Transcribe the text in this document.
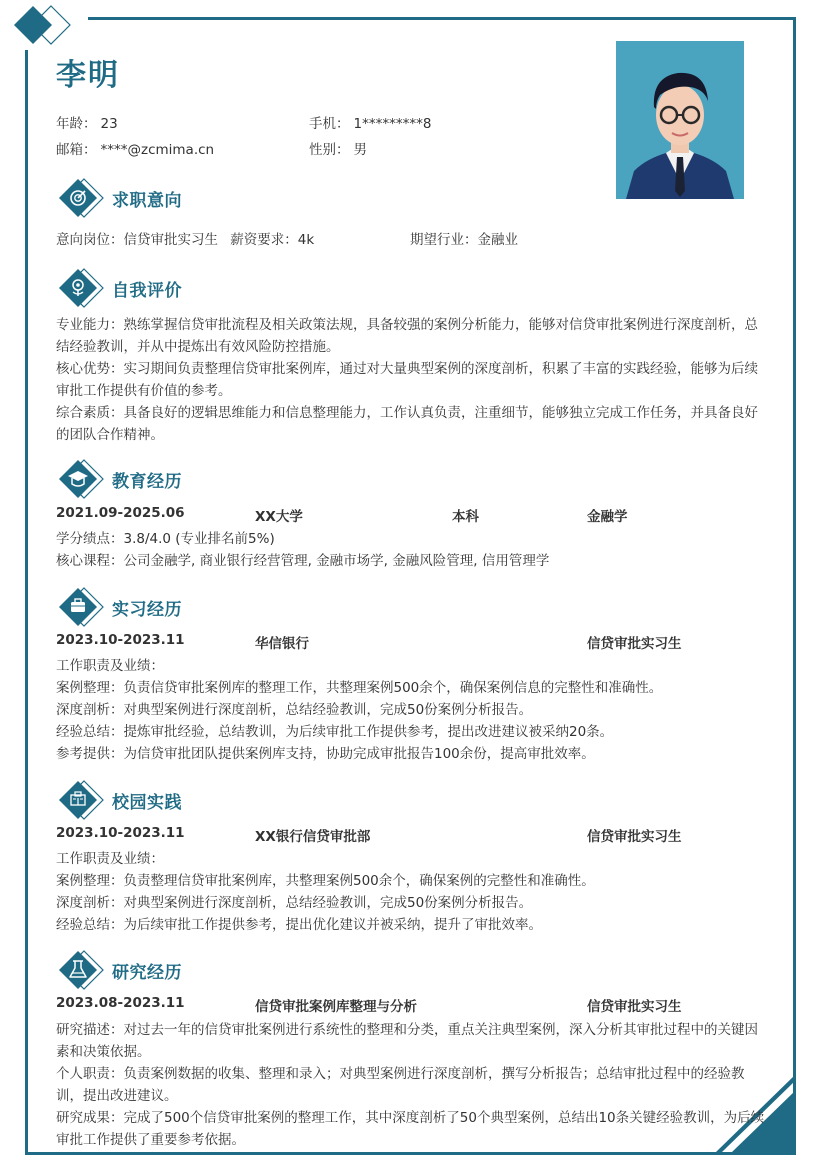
李明
年龄： 23	手机： 1*********8
邮箱： ****@zcmima.cn	性别： 男
求职意向
意向岗位：信贷审批实习生 薪资要求：4k	期望行业：金融业
自我评价
专业能力：熟练掌握信贷审批流程及相关政策法规，具备较强的案例分析能力，能够对信贷审批案例进行深度剖析，总结经验教训，并从中提炼出有效风险防控措施。
核心优势：实习期间负责整理信贷审批案例库，通过对大量典型案例的深度剖析，积累了丰富的实践经验，能够为后续审批工作提供有价值的参考。
综合素质：具备良好的逻辑思维能力和信息整理能力，工作认真负责，注重细节，能够独立完成工作任务，并具备良好的团队合作精神。
教育经历
2021.09-2025.06	XX大学	本科	金融学
学分绩点：3.8/4.0 (专业排名前5%)
核心课程：公司金融学, 商业银行经营管理, 金融市场学, 金融风险管理, 信用管理学
实习经历
2023.10-2023.11	华信银行	信贷审批实习生
工作职责及业绩：
案例整理：负责信贷审批案例库的整理工作，共整理案例500余个，确保案例信息的完整性和准确性。
深度剖析：对典型案例进行深度剖析，总结经验教训，完成50份案例分析报告。
经验总结：提炼审批经验，总结教训，为后续审批工作提供参考，提出改进建议被采纳20条。
参考提供：为信贷审批团队提供案例库支持，协助完成审批报告100余份，提高审批效率。
校园实践
2023.10-2023.11	XX银行信贷审批部	信贷审批实习生
工作职责及业绩：
案例整理：负责整理信贷审批案例库，共整理案例500余个，确保案例的完整性和准确性。
深度剖析：对典型案例进行深度剖析，总结经验教训，完成50份案例分析报告。
经验总结：为后续审批工作提供参考，提出优化建议并被采纳，提升了审批效率。
研究经历
2023.08-2023.11	信贷审批案例库整理与分析	信贷审批实习生
研究描述：对过去一年的信贷审批案例进行系统性的整理和分类，重点关注典型案例，深入分析其审批过程中的关键因素和决策依据。
个人职责：负责案例数据的收集、整理和录入；对典型案例进行深度剖析，撰写分析报告；总结审批过程中的经验教训，提出改进建议。
研究成果：完成了500个信贷审批案例的整理工作，其中深度剖析了50个典型案例，总结出10条关键经验教训，为后续审批工作提供了重要参考依据。
